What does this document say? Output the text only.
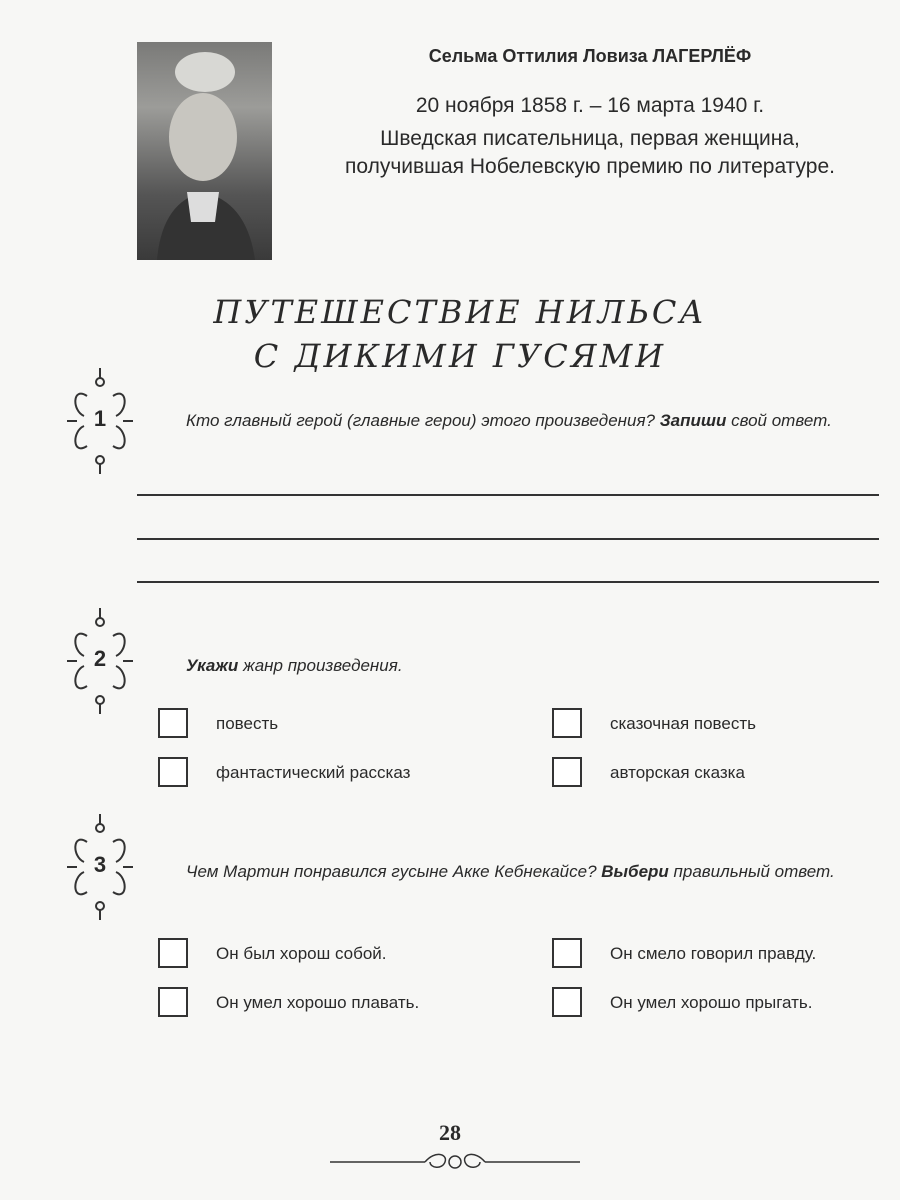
Сельма Оттилия Ловиза ЛАГЕРЛЁФ
20 ноября 1858 г. – 16 марта 1940 г.
Шведская писательница, первая женщина,
получившая Нобелевскую премию по литературе.
ПУТЕШЕСТВИЕ НИЛЬСА
С ДИКИМИ ГУСЯМИ
1	Кто главный герой (главные герои) этого произведения? Запиши свой ответ.
2	Укажи жанр произведения.
повесть
фантастический рассказ
сказочная повесть
авторская сказка
3	Чем Мартин понравился гусыне Акке Кебнекайсе? Выбери правильный ответ.
Он был хорош собой.
Он умел хорошо плавать.
Он смело говорил правду.
Он умел хорошо прыгать.
28
